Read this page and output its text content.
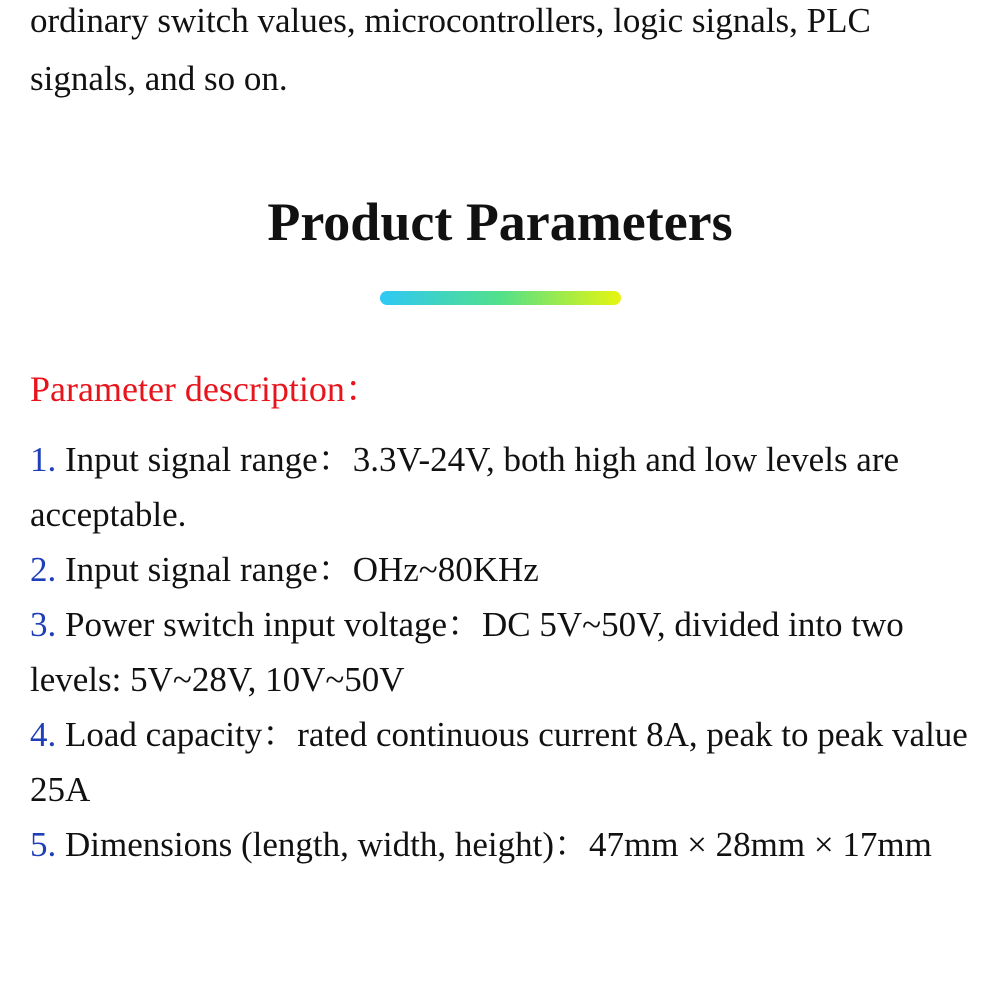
ordinary switch values, microcontrollers, logic signals, PLC signals, and so on.

Product Parameters
Parameter description：
1. Input signal range：3.3V-24V, both high and low levels are acceptable.
2. Input signal range：OHz~80KHz
3. Power switch input voltage：DC 5V~50V, divided into two levels: 5V~28V, 10V~50V
4. Load capacity：rated continuous current 8A, peak to peak value 25A
5. Dimensions (length, width, height)：47mm × 28mm × 17mm
